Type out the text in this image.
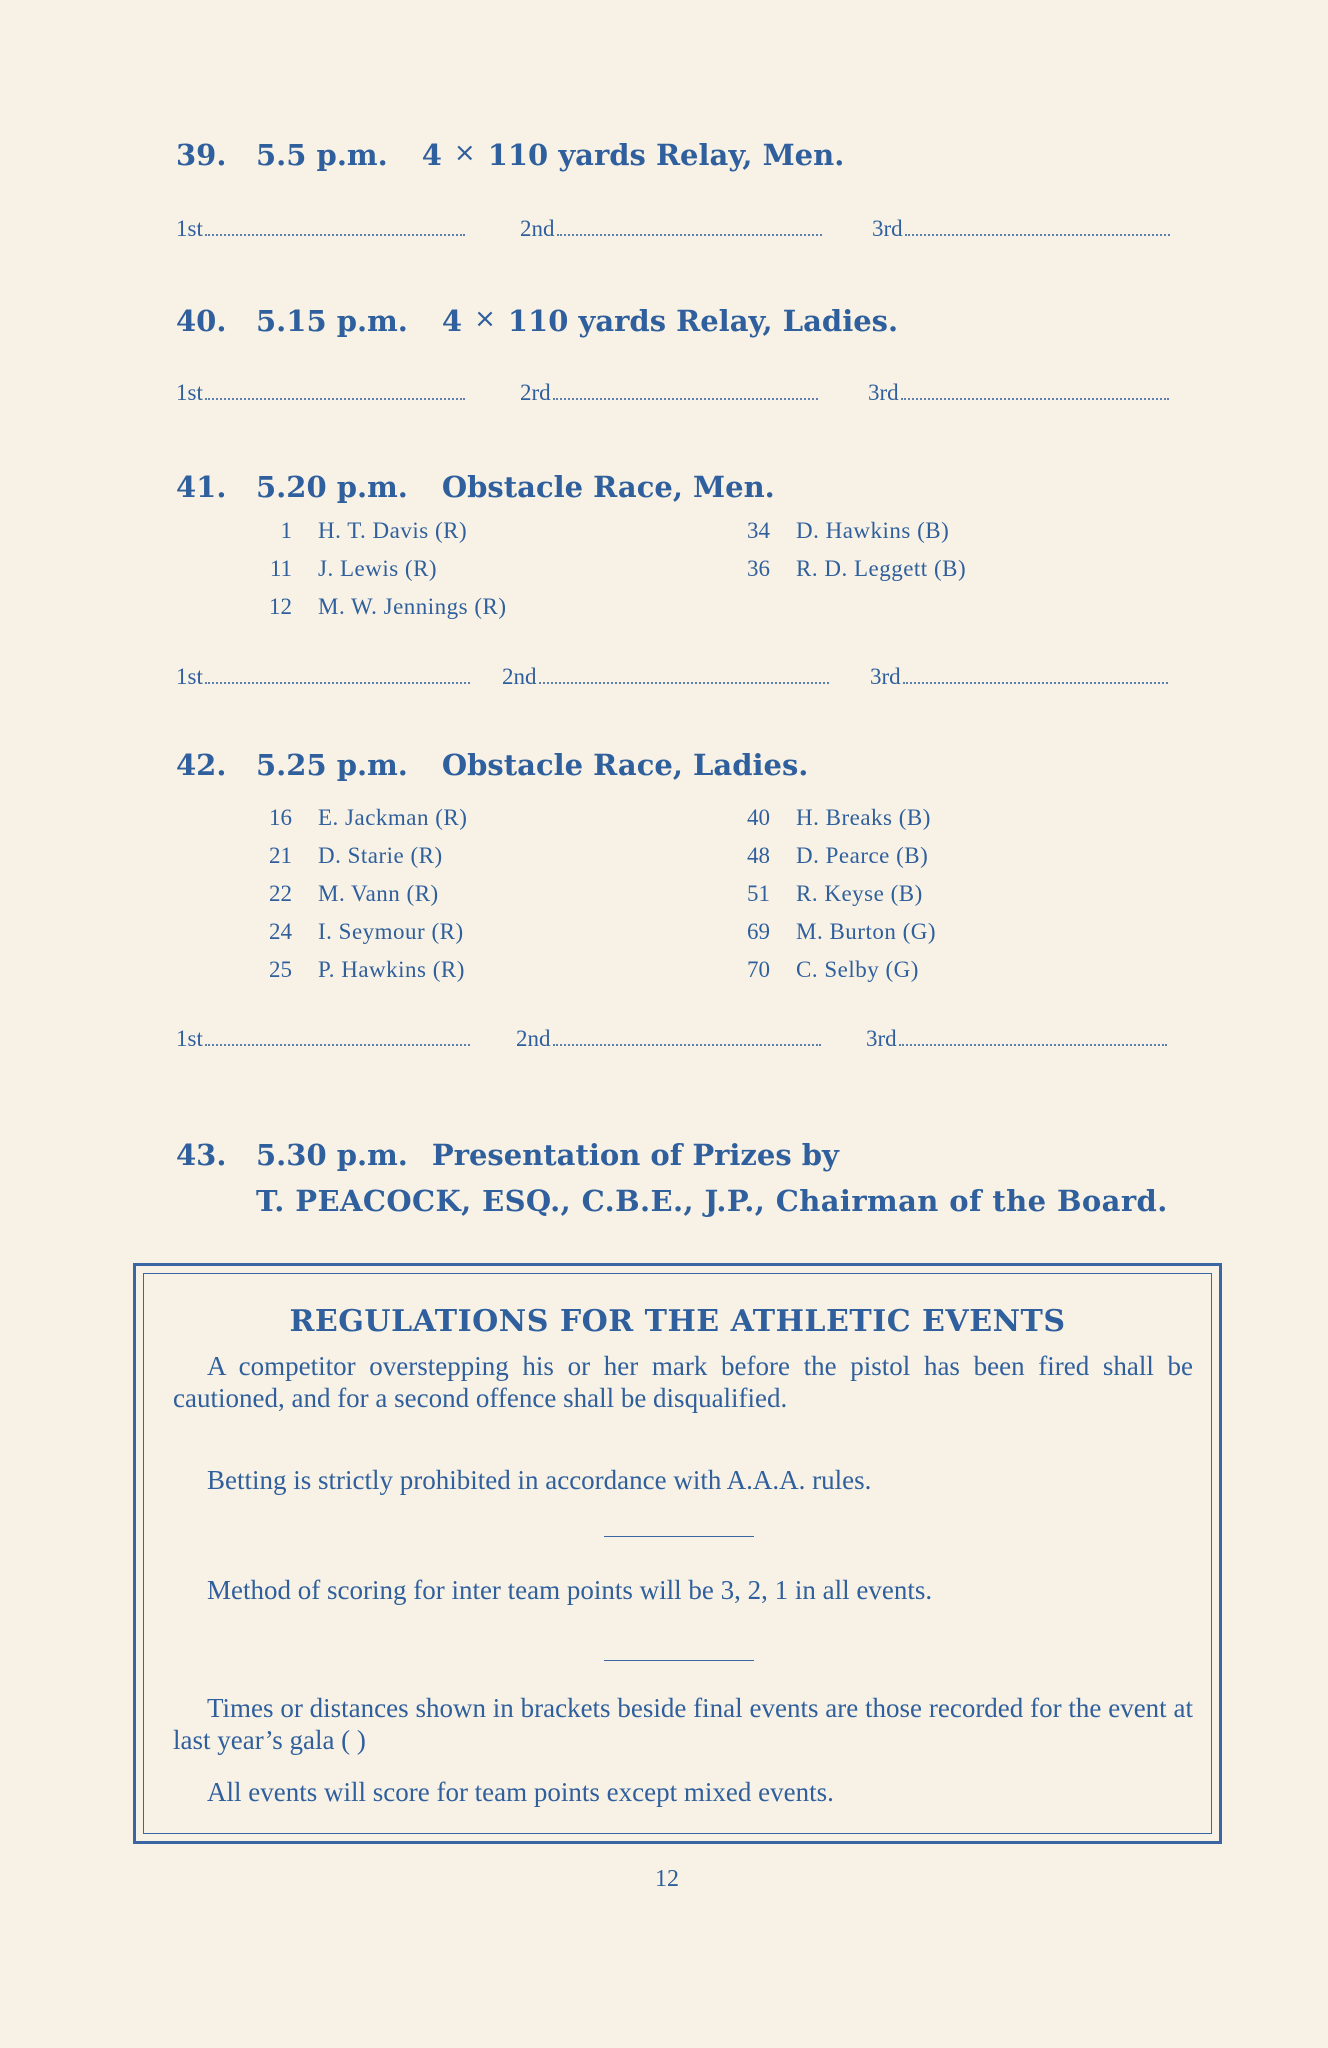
39.	5.5 p.m. 4 × 110 yards Relay, Men.
1st	2nd	3rd
40.	5.15 p.m. 4 × 110 yards Relay, Ladies.
1st	2rd	3rd
41.	5.20 p.m. Obstacle Race, Men.
1 H. T. Davis (R)
11 J. Lewis (R)
12 M. W. Jennings (R)
34 D. Hawkins (B)
36 R. D. Leggett (B)
1st	2nd	3rd
42.	5.25 p.m. Obstacle Race, Ladies.
16 E. Jackman (R)
21 D. Starie (R)
22 M. Vann (R)
24 I. Seymour (R)
25 P. Hawkins (R)
40 H. Breaks (B)
48 D. Pearce (B)
51 R. Keyse (B)
69 M. Burton (G)
70 C. Selby (G)
1st	2nd	3rd
43.	5.30 p.m. Presentation of Prizes by
T. PEACOCK, ESQ., C.B.E., J.P., Chairman of the Board.
REGULATIONS FOR THE ATHLETIC EVENTS
A competitor overstepping his or her mark before the pistol has been fired shall be cautioned, and for a second offence shall be disqualified.
Betting is strictly prohibited in accordance with A.A.A. rules.
Method of scoring for inter team points will be 3, 2, 1 in all events.
Times or distances shown in brackets beside final events are those recorded for the event at last year’s gala ( )
All events will score for team points except mixed events.
12
